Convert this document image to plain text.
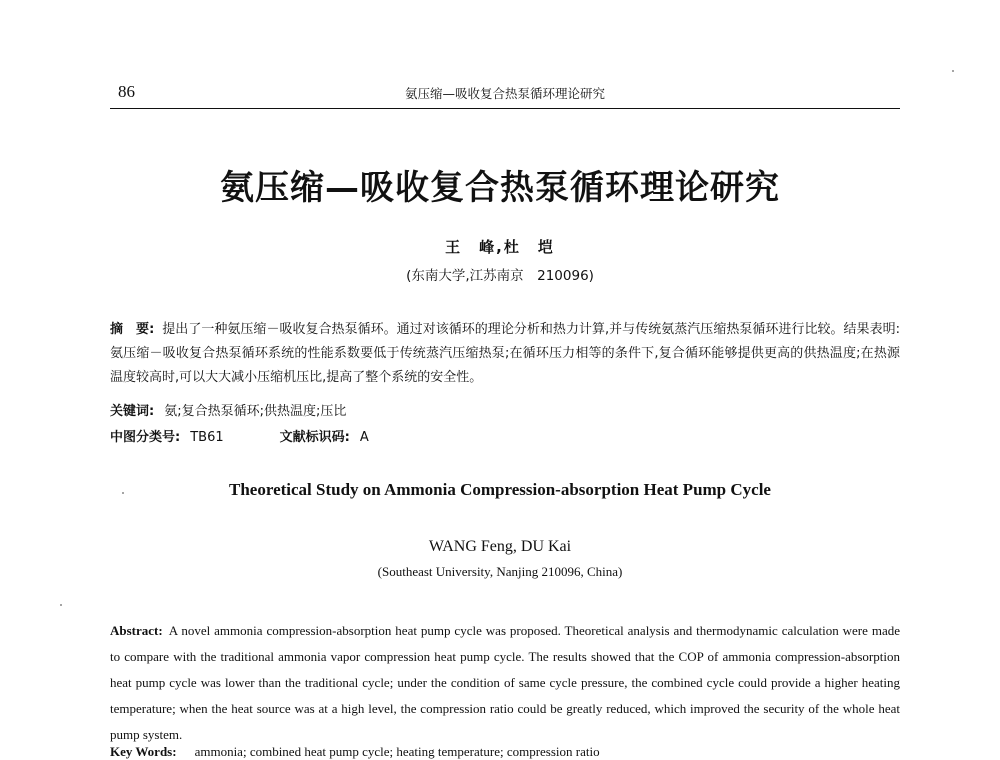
86	氨压缩—吸收复合热泵循环理论研究
氨压缩—吸收复合热泵循环理论研究
王　峰,杜　垲
(东南大学,江苏南京　210096)
摘　要: 提出了一种氨压缩－吸收复合热泵循环。通过对该循环的理论分析和热力计算,并与传统氨蒸汽压缩热泵循环进行比较。结果表明:氨压缩－吸收复合热泵循环系统的性能系数要低于传统蒸汽压缩热泵;在循环压力相等的条件下,复合循环能够提供更高的供热温度;在热源温度较高时,可以大大减小压缩机压比,提高了整个系统的安全性。
关键词: 氨;复合热泵循环;供热温度;压比
中图分类号: TB61	文献标识码: A
Theoretical Study on Ammonia Compression-absorption Heat Pump Cycle
WANG Feng, DU Kai
(Southeast University, Nanjing 210096, China)
Abstract: A novel ammonia compression-absorption heat pump cycle was proposed. Theoretical analysis and thermodynamic calculation were made to compare with the traditional ammonia vapor compression heat pump cycle. The results showed that the COP of ammonia compression-absorption heat pump cycle was lower than the traditional cycle; under the condition of same cycle pressure, the combined cycle could provide a higher heating temperature; when the heat source was at a high level, the compression ratio could be greatly reduced, which improved the security of the whole heat pump system.
Key Words: ammonia; combined heat pump cycle; heating temperature; compression ratio
